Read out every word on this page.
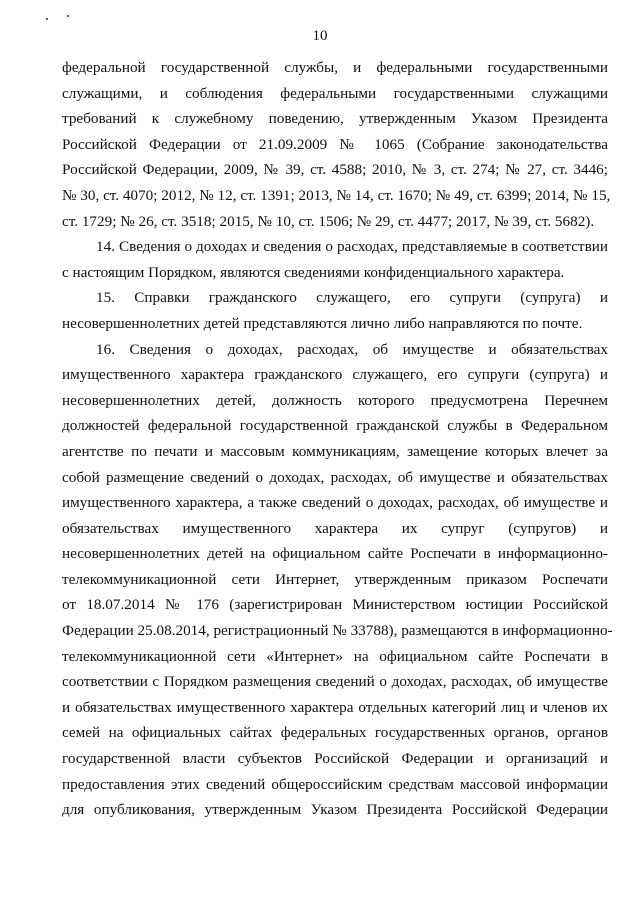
10
федеральной государственной службы, и федеральными государственными
служащими, и соблюдения федеральными государственными служащими
требований к служебному поведению, утвержденным Указом Президента
Российской Федерации от 21.09.2009 № 1065 (Собрание законодательства
Российской Федерации, 2009, № 39, ст. 4588; 2010, № 3, ст. 274; № 27, ст. 3446;
№ 30, ст. 4070; 2012, № 12, ст. 1391; 2013, № 14, ст. 1670; № 49, ст. 6399; 2014, № 15,
ст. 1729; № 26, ст. 3518; 2015, № 10, ст. 1506; № 29, ст. 4477; 2017, № 39, ст. 5682).
14. Сведения о доходах и сведения о расходах, представляемые в соответствии
с настоящим Порядком, являются сведениями конфиденциального характера.
15. Справки гражданского служащего, его супруги (супруга) и
несовершеннолетних детей представляются лично либо направляются по почте.
16. Сведения о доходах, расходах, об имуществе и обязательствах
имущественного характера гражданского служащего, его супруги (супруга) и
несовершеннолетних детей, должность которого предусмотрена Перечнем
должностей федеральной государственной гражданской службы в Федеральном
агентстве по печати и массовым коммуникациям, замещение которых влечет за
собой размещение сведений о доходах, расходах, об имуществе и обязательствах
имущественного характера, а также сведений о доходах, расходах, об имуществе и
обязательствах имущественного характера их супруг (супругов) и
несовершеннолетних детей на официальном сайте Роспечати в информационно-
телекоммуникационной сети Интернет, утвержденным приказом Роспечати
от 18.07.2014 № 176 (зарегистрирован Министерством юстиции Российской
Федерации 25.08.2014, регистрационный № 33788), размещаются в информационно-
телекоммуникационной сети «Интернет» на официальном сайте Роспечати в
соответствии с Порядком размещения сведений о доходах, расходах, об имуществе
и обязательствах имущественного характера отдельных категорий лиц и членов их
семей на официальных сайтах федеральных государственных органов, органов
государственной власти субъектов Российской Федерации и организаций и
предоставления этих сведений общероссийским средствам массовой информации
для опубликования, утвержденным Указом Президента Российской Федерации
